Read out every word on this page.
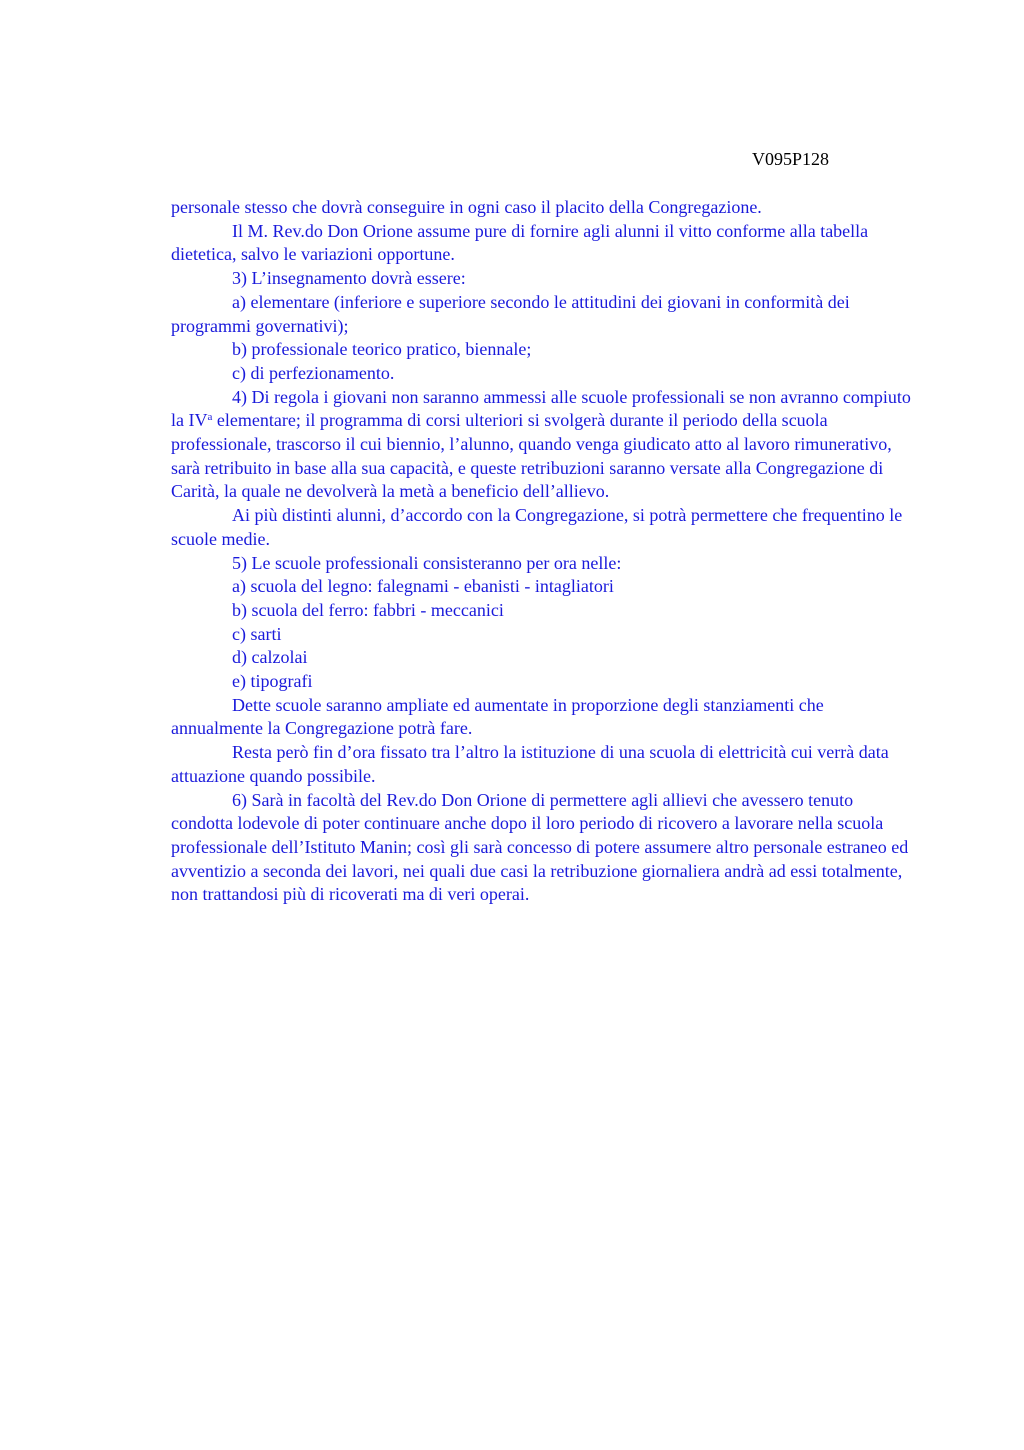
V095P128

personale stesso che dovrà conseguire in ogni caso il placito della Congregazione.

Il M. Rev.do Don Orione assume pure di fornire agli alunni il vitto conforme alla tabella dietetica, salvo le variazioni opportune.

3) L’insegnamento dovrà essere:

a) elementare (inferiore e superiore secondo le attitudini dei giovani in conformità dei programmi governativi);

b) professionale teorico pratico, biennale;

c) di perfezionamento.

4) Di regola i giovani non saranno ammessi alle scuole professionali se non avranno compiuto la $IV^a$ elementare; il programma di corsi ulteriori si svolgerà durante il periodo della scuola professionale, trascorso il cui biennio, l’alunno, quando venga giudicato atto al lavoro rimunerativo, sarà retribuito in base alla sua capacità, e queste retribuzioni saranno versate alla Congregazione di Carità, la quale ne devolverà la metà a beneficio dell’allievo.

Ai più distinti alunni, d’accordo con la Congregazione, si potrà permettere che frequentino le scuole medie.

5) Le scuole professionali consisteranno per ora nelle:

a) scuola del legno: falegnami - ebanisti - intagliatori

b) scuola del ferro: fabbri - meccanici

c) sarti

d) calzolai

e) tipografi

Dette scuole saranno ampliate ed aumentate in proporzione degli stanziamenti che annualmente la Congregazione potrà fare.

Resta però fin d’ora fissato tra l’altro la istituzione di una scuola di elettricità cui verrà data attuazione quando possibile.

6) Sarà in facoltà del Rev.do Don Orione di permettere agli allievi che avessero tenuto condotta lodevole di poter continuare anche dopo il loro periodo di ricovero a lavorare nella scuola professionale dell’Istituto Manin; così gli sarà concesso di potere assumere altro personale estraneo ed avventizio a seconda dei lavori, nei quali due casi la retribuzione giornaliera andrà ad essi totalmente, non trattandosi più di ricoverati ma di veri operai.
